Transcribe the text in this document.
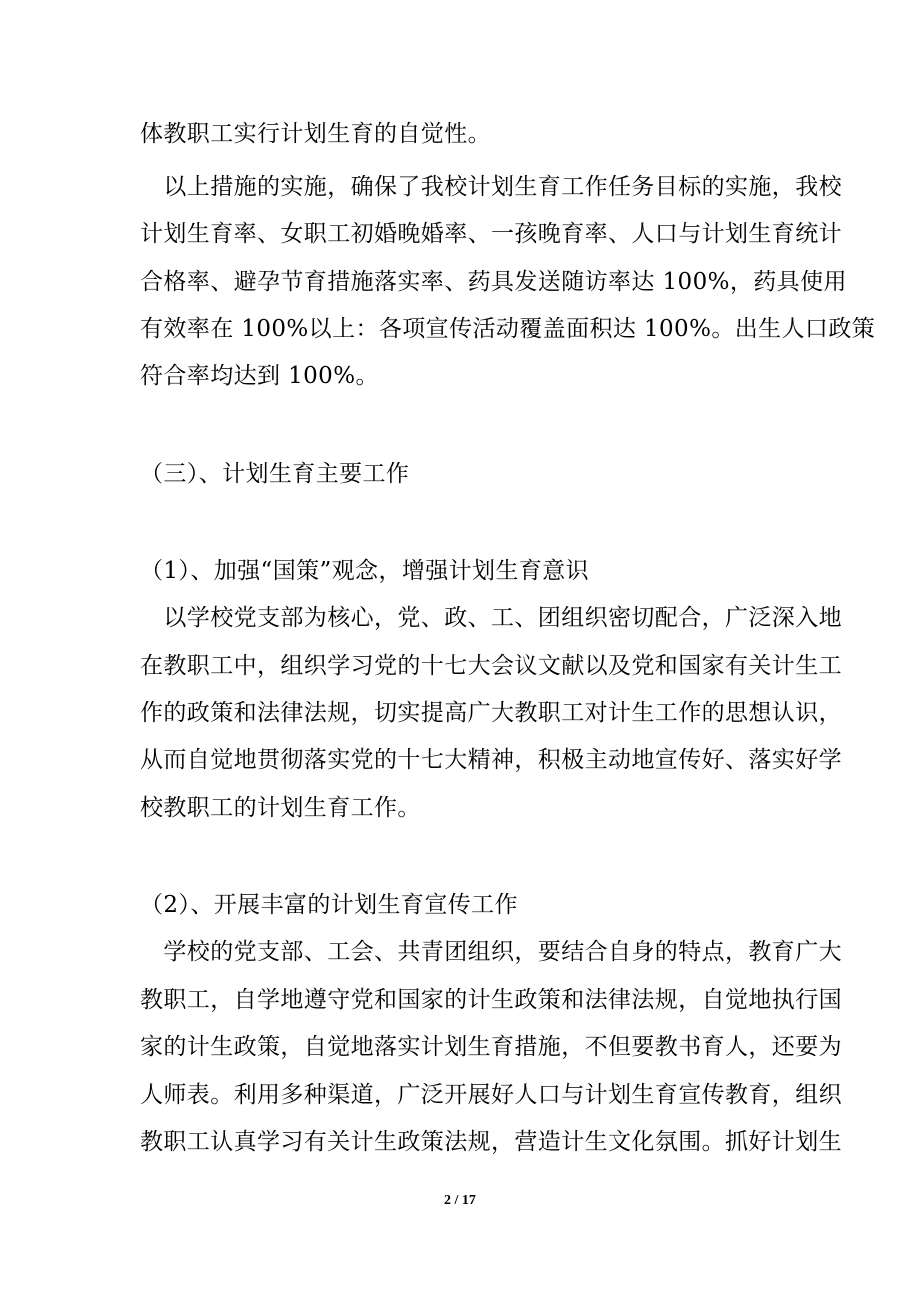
体教职工实行计划生育的自觉性。
　以上措施的实施，确保了我校计划生育工作任务目标的实施，我校
计划生育率、女职工初婚晚婚率、一孩晚育率、人口与计划生育统计
合格率、避孕节育措施落实率、药具发送随访率达 100%，药具使用
有效率在 100%以上：各项宣传活动覆盖面积达 100%。出生人口政策
符合率均达到 100%。
（三）、计划生育主要工作
（1）、加强“国策”观念，增强计划生育意识
　以学校党支部为核心，党、政、工、团组织密切配合，广泛深入地
在教职工中，组织学习党的十七大会议文献以及党和国家有关计生工
作的政策和法律法规，切实提高广大教职工对计生工作的思想认识，
从而自觉地贯彻落实党的十七大精神，积极主动地宣传好、落实好学
校教职工的计划生育工作。
（2）、开展丰富的计划生育宣传工作
　学校的党支部、工会、共青团组织，要结合自身的特点，教育广大
教职工，自学地遵守党和国家的计生政策和法律法规，自觉地执行国
家的计生政策，自觉地落实计划生育措施，不但要教书育人，还要为
人师表。利用多种渠道，广泛开展好人口与计划生育宣传教育，组织
教职工认真学习有关计生政策法规，营造计生文化氛围。抓好计划生
2 / 17
